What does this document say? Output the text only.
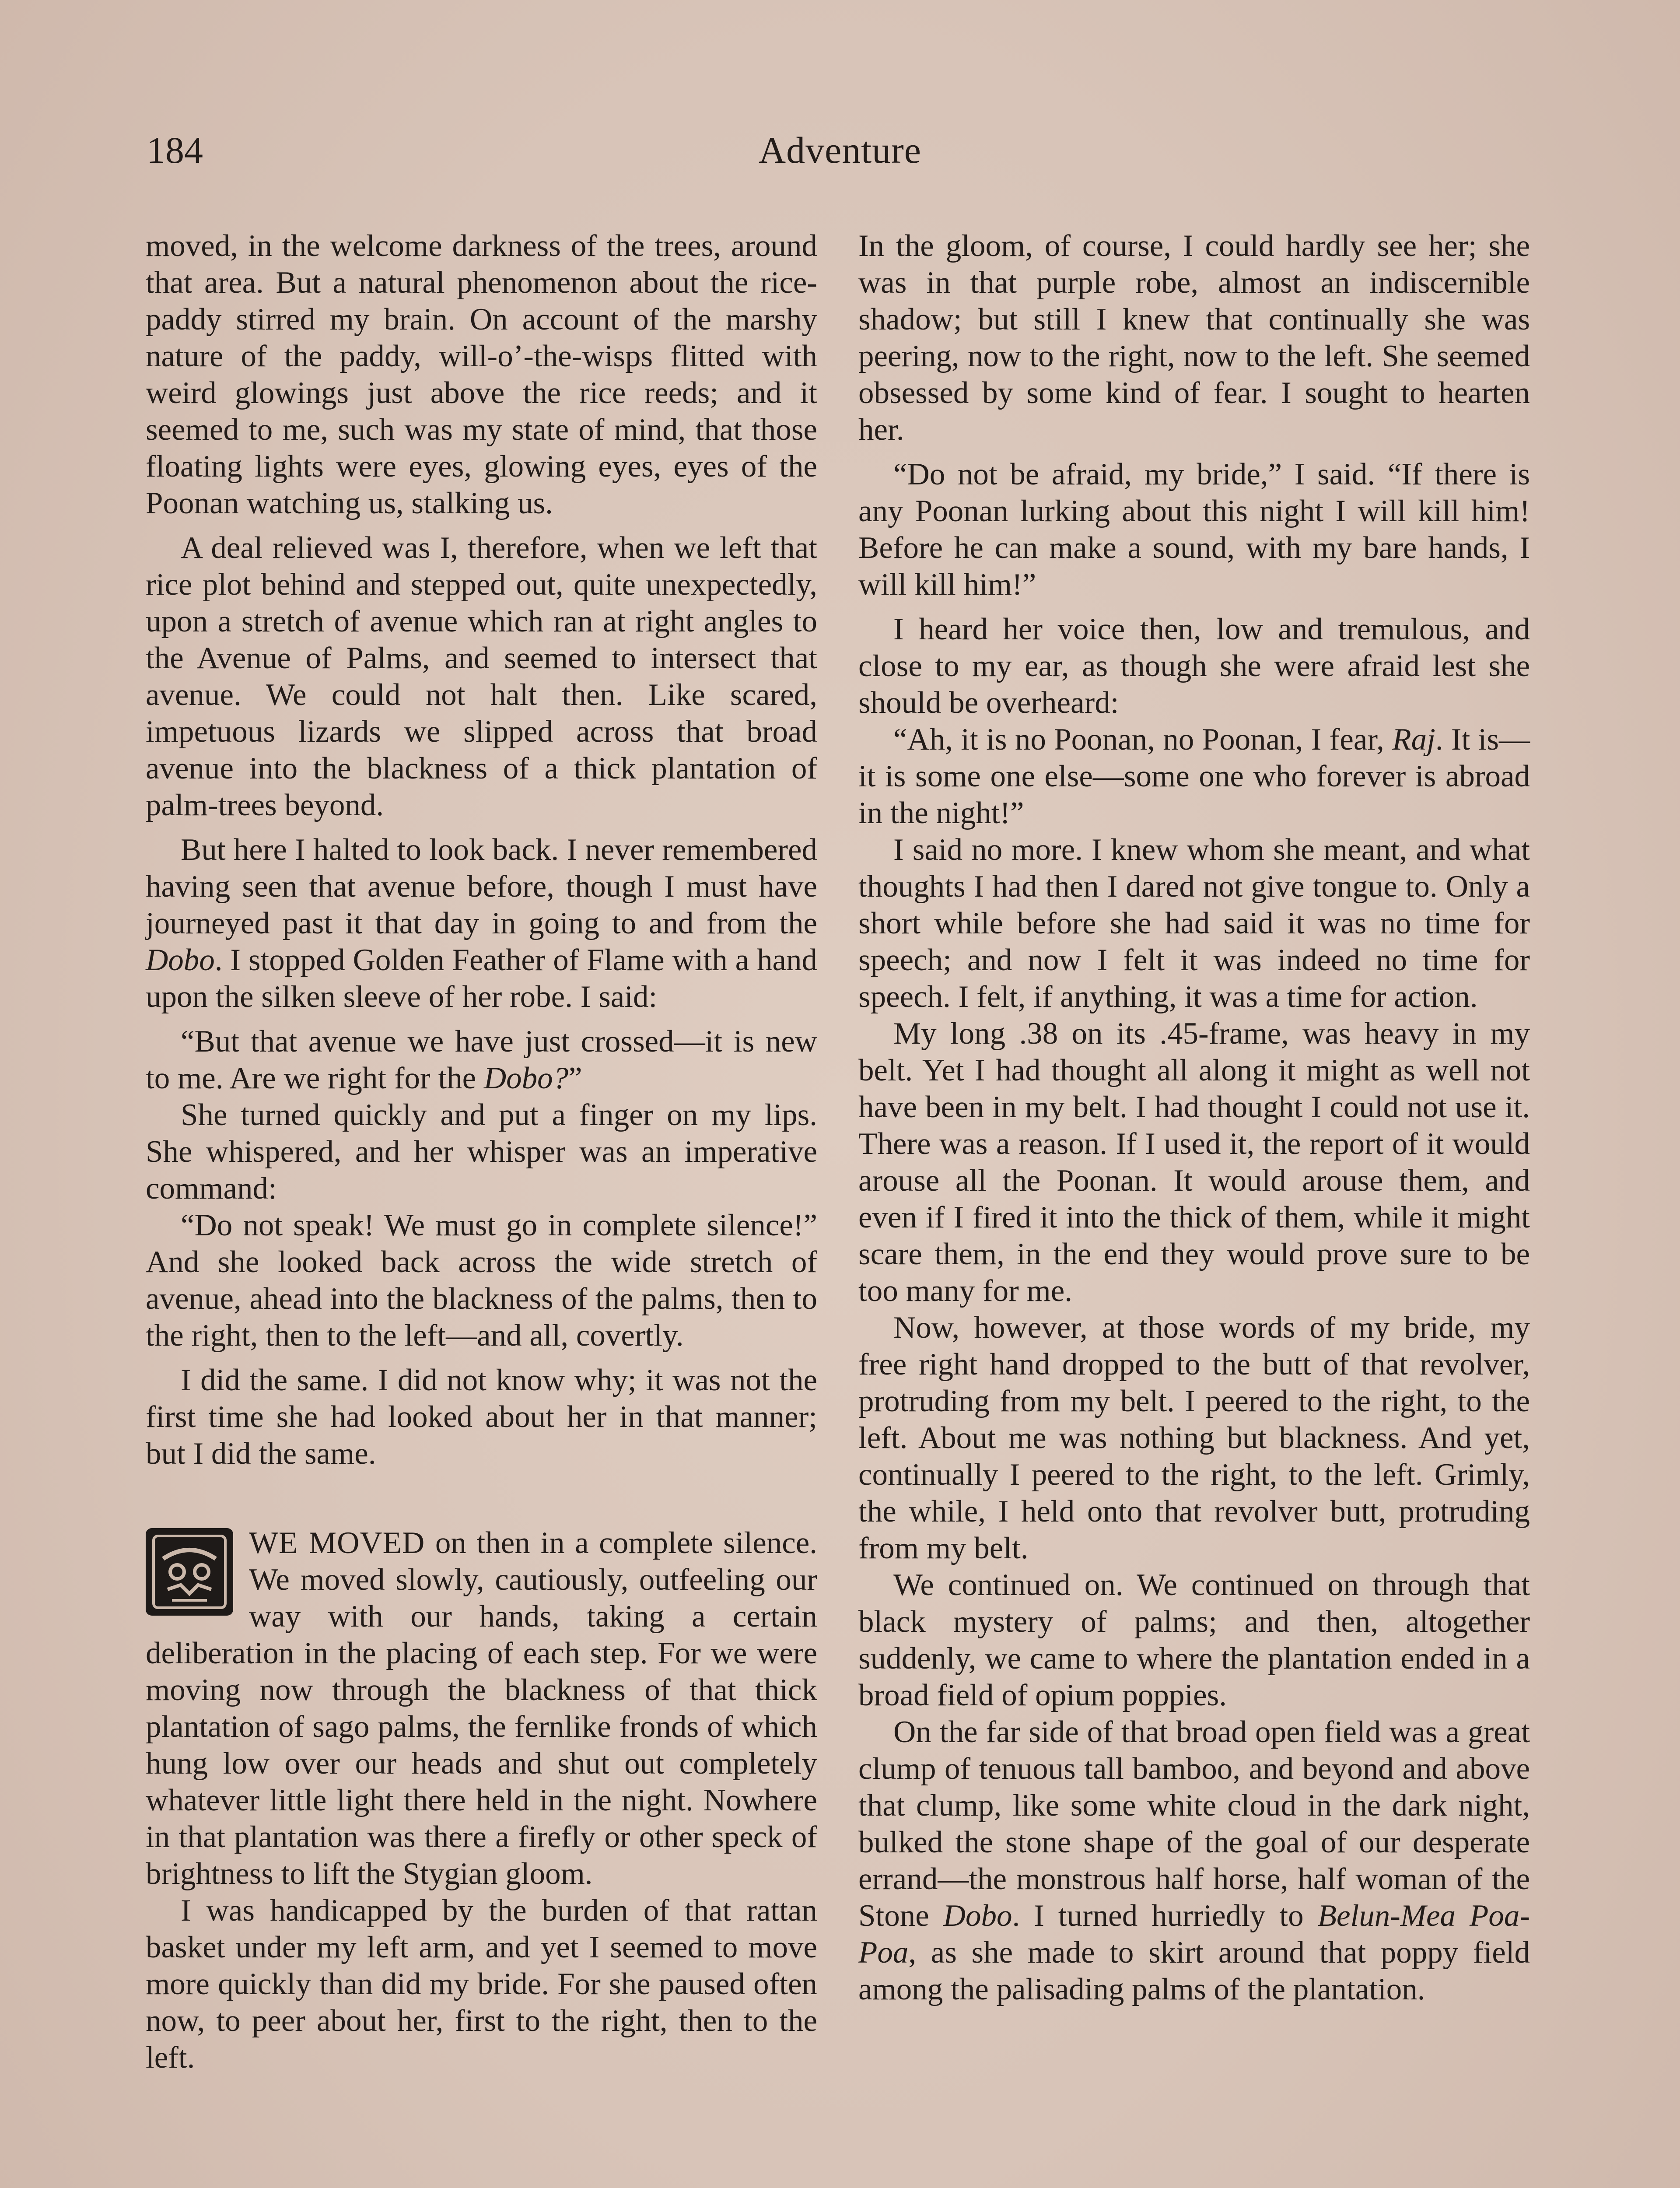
184	Adventure

moved, in the welcome darkness of the trees, around that area. But a natural phenomenon about the rice-paddy stirred my brain. On account of the marshy nature of the paddy, will-o’-the-wisps flitted with weird glowings just above the rice reeds; and it seemed to me, such was my state of mind, that those floating lights were eyes, glowing eyes, eyes of the Poonan watching us, stalking us.

A deal relieved was I, therefore, when we left that rice plot behind and stepped out, quite unexpectedly, upon a stretch of avenue which ran at right angles to the Avenue of Palms, and seemed to intersect that avenue. We could not halt then. Like scared, impetuous lizards we slipped across that broad avenue into the blackness of a thick plantation of palm-trees beyond.

But here I halted to look back. I never remembered having seen that avenue before, though I must have journeyed past it that day in going to and from the Dobo. I stopped Golden Feather of Flame with a hand upon the silken sleeve of her robe. I said:

“But that avenue we have just crossed—it is new to me. Are we right for the Dobo?”

She turned quickly and put a finger on my lips. She whispered, and her whisper was an imperative command:

“Do not speak! We must go in complete silence!” And she looked back across the wide stretch of avenue, ahead into the blackness of the palms, then to the right, then to the left—and all, covertly.

I did the same. I did not know why; it was not the first time she had looked about her in that manner; but I did the same.

WE MOVED on then in a complete silence. We moved slowly, cautiously, outfeeling our way with our hands, taking a certain deliberation in the placing of each step. For we were moving now through the blackness of that thick plantation of sago palms, the fernlike fronds of which hung low over our heads and shut out completely whatever little light there held in the night. Nowhere in that plantation was there a firefly or other speck of brightness to lift the Stygian gloom.

I was handicapped by the burden of that rattan basket under my left arm, and yet I seemed to move more quickly than did my bride. For she paused often now, to peer about her, first to the right, then to the left.

In the gloom, of course, I could hardly see her; she was in that purple robe, almost an indiscernible shadow; but still I knew that continually she was peering, now to the right, now to the left. She seemed obsessed by some kind of fear. I sought to hearten her.

“Do not be afraid, my bride,” I said. “If there is any Poonan lurking about this night I will kill him! Before he can make a sound, with my bare hands, I will kill him!”

I heard her voice then, low and tremulous, and close to my ear, as though she were afraid lest she should be overheard:

“Ah, it is no Poonan, no Poonan, I fear, Raj. It is—it is some one else—some one who forever is abroad in the night!”

I said no more. I knew whom she meant, and what thoughts I had then I dared not give tongue to. Only a short while before she had said it was no time for speech; and now I felt it was indeed no time for speech. I felt, if anything, it was a time for action.

My long .38 on its .45-frame, was heavy in my belt. Yet I had thought all along it might as well not have been in my belt. I had thought I could not use it. There was a reason. If I used it, the report of it would arouse all the Poonan. It would arouse them, and even if I fired it into the thick of them, while it might scare them, in the end they would prove sure to be too many for me.

Now, however, at those words of my bride, my free right hand dropped to the butt of that revolver, protruding from my belt. I peered to the right, to the left. About me was nothing but blackness. And yet, continually I peered to the right, to the left. Grimly, the while, I held onto that revolver butt, protruding from my belt.

We continued on. We continued on through that black mystery of palms; and then, altogether suddenly, we came to where the plantation ended in a broad field of opium poppies.

On the far side of that broad open field was a great clump of tenuous tall bamboo, and beyond and above that clump, like some white cloud in the dark night, bulked the stone shape of the goal of our desperate errand—the monstrous half horse, half woman of the Stone Dobo. I turned hurriedly to Belun-Mea Poa-Poa, as she made to skirt around that poppy field among the palisading palms of the plantation.
